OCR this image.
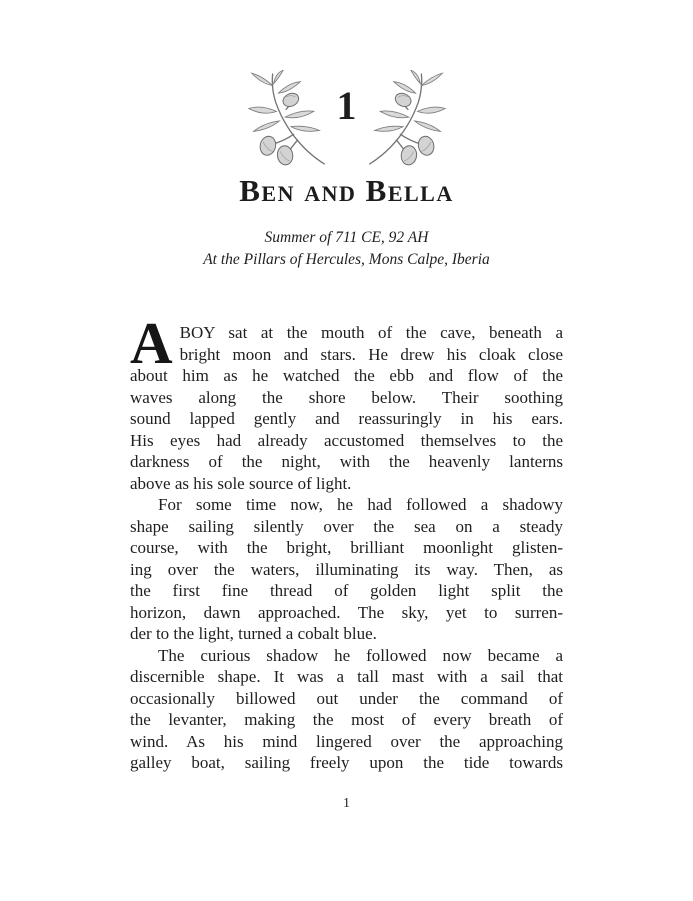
1
Ben and Bella
Summer of 711 CE, 92 AH
At the Pillars of Hercules, Mons Calpe, Iberia
A BOY sat at the mouth of the cave, beneath a
bright moon and stars. He drew his cloak close
about him as he watched the ebb and flow of the
waves along the shore below. Their soothing
sound lapped gently and reassuringly in his ears.
His eyes had already accustomed themselves to the
darkness of the night, with the heavenly lanterns
above as his sole source of light.
For some time now, he had followed a shadowy
shape sailing silently over the sea on a steady
course, with the bright, brilliant moonlight glisten-
ing over the waters, illuminating its way. Then, as
the first fine thread of golden light split the
horizon, dawn approached. The sky, yet to surren-
der to the light, turned a cobalt blue.
The curious shadow he followed now became a
discernible shape. It was a tall mast with a sail that
occasionally billowed out under the command of
the levanter, making the most of every breath of
wind. As his mind lingered over the approaching
galley boat, sailing freely upon the tide towards
1
